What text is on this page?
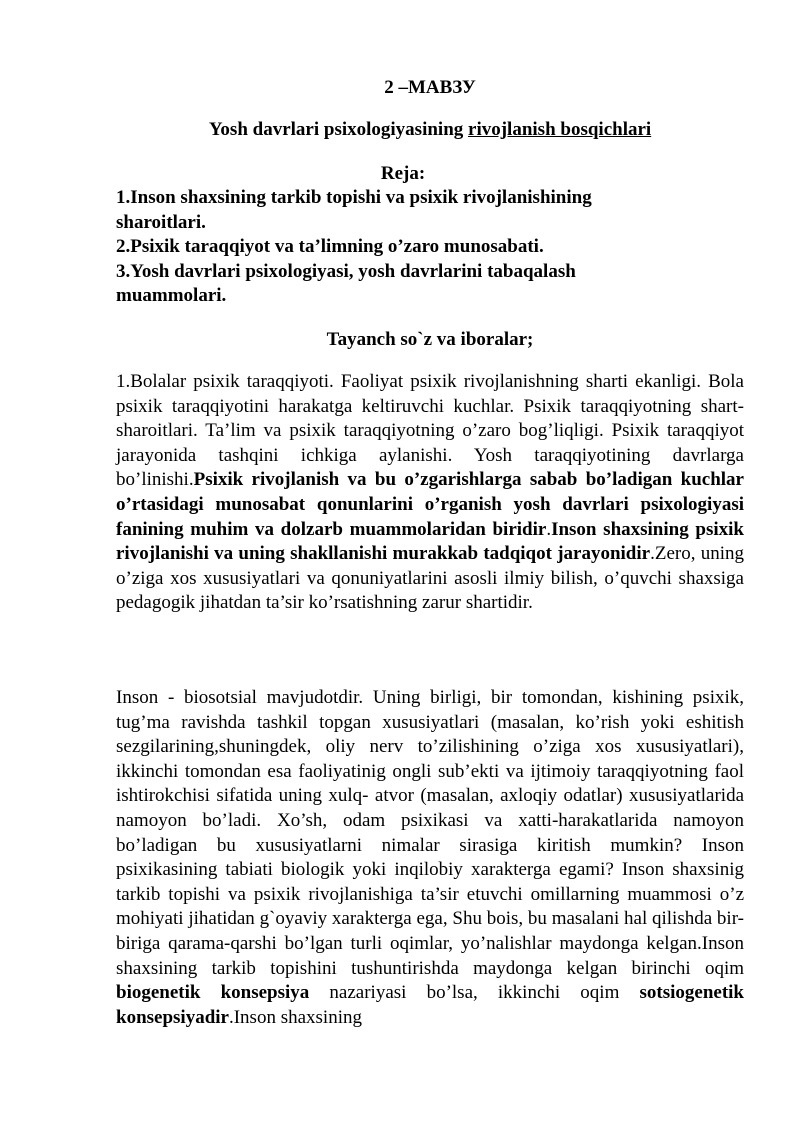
2 –МАВЗУ
Yosh davrlari psixologiyasining rivojlanish bosqichlari
Reja:

1.Inson shaxsining tarkib topishi va psixik rivojlanishining sharoitlari.

2.Psixik taraqqiyot va ta’limning o’zaro munosabati.

3.Yosh davrlari psixologiyasi, yosh davrlarini tabaqalash muammolari.

Tayanch so`z va iboralar;

1.Bolalar psixik taraqqiyoti. Faoliyat psixik rivojlanishning sharti ekanligi. Bola psixik taraqqiyotini harakatga keltiruvchi kuchlar. Psixik taraqqiyotning shart-sharoitlari. Ta’lim va psixik taraqqiyotning o’zaro bog’liqligi. Psixik taraqqiyot jarayonida tashqini ichkiga aylanishi. Yosh taraqqiyotining davrlarga bo’linishi.Psixik rivojlanish va bu o’zgarishlarga sabab bo’ladigan kuchlar o’rtasidagi munosabat qonunlarini o’rganish yosh davrlari psixologiyasi fanining muhim va dolzarb muammolaridan biridir.Inson shaxsining psixik rivojlanishi va uning shakllanishi murakkab tadqiqot jarayonidir.Zero, uning o’ziga xos xususiyatlari va qonuniyatlarini asosli ilmiy bilish, o’quvchi shaxsiga pedagogik jihatdan ta’sir ko’rsatishning zarur shartidir.

Inson - biosotsial mavjudotdir. Uning birligi, bir tomondan, kishining psixik, tug’ma ravishda tashkil topgan xususiyatlari (masalan, ko’rish yoki eshitish sezgilarining,shuningdek, oliy nerv to’zilishining o’ziga xos xususiyatlari), ikkinchi tomondan esa faoliyatinig ongli sub’ekti va ijtimoiy taraqqiyotning faol ishtirokchisi sifatida uning xulq- atvor (masalan, axloqiy odatlar) xususiyatlarida namoyon bo’ladi. Xo’sh, odam psixikasi va xatti-harakatlarida namoyon bo’ladigan bu xususiyatlarni nimalar sirasiga kiritish mumkin? Inson psixikasining tabiati biologik yoki inqilobiy xarakterga egami? Inson shaxsinig tarkib topishi va psixik rivojlanishiga ta’sir etuvchi omillarning muammosi o’z mohiyati jihatidan g`oyaviy xarakterga ega, Shu bois, bu masalani hal qilishda bir-biriga qarama-qarshi bo’lgan turli oqimlar, yo’nalishlar maydonga kelgan.Inson shaxsining tarkib topishini tushuntirishda maydonga kelgan birinchi oqim biogenetik konsepsiya nazariyasi bo’lsa, ikkinchi oqim sotsiogenetik konsepsiyadir.Inson shaxsining
